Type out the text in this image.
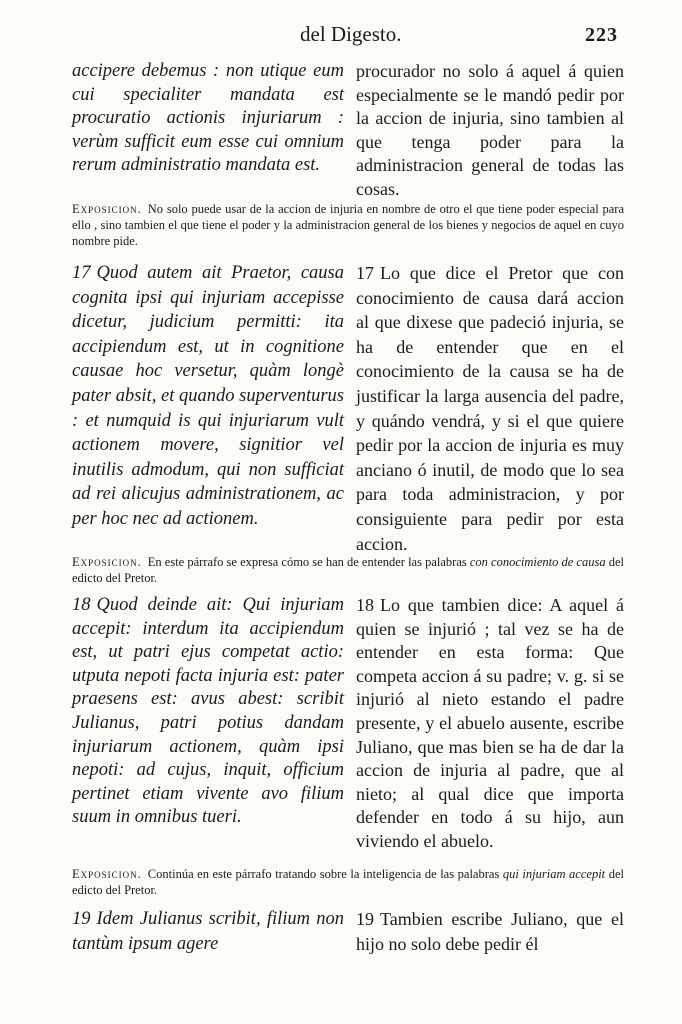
del Digesto.	223
accipere debemus : non utique eum cui specialiter mandata est procuratio actionis injuriarum : verùm sufficit eum esse cui omnium rerum administratio mandata est.
procurador no solo á aquel á quien especialmente se le mandó pedir por la accion de injuria, sino tambien al que tenga poder para la administracion general de todas las cosas.
Exposicion. No solo puede usar de la accion de injuria en nombre de otro el que tiene poder especial para ello , sino tambien el que tiene el poder y la administracion general de los bienes y negocios de aquel en cuyo nombre pide.
17 Quod autem ait Praetor, causa cognita ipsi qui injuriam accepisse dicetur, judicium permitti: ita accipiendum est, ut in cognitione causae hoc versetur, quàm longè pater absit, et quando superventurus : et numquid is qui injuriarum vult actionem movere, signitior vel inutilis admodum, qui non sufficiat ad rei alicujus administrationem, ac per hoc nec ad actionem.
17 Lo que dice el Pretor que con conocimiento de causa dará accion al que dixese que padeció injuria, se ha de entender que en el conocimiento de la causa se ha de justificar la larga ausencia del padre, y quándo vendrá, y si el que quiere pedir por la accion de injuria es muy anciano ó inutil, de modo que lo sea para toda administracion, y por consiguiente para pedir por esta accion.
Exposicion. En este párrafo se expresa cómo se han de entender las palabras con conocimiento de causa del edicto del Pretor.
18 Quod deinde ait: Qui injuriam accepit: interdum ita accipiendum est, ut patri ejus competat actio: utputa nepoti facta injuria est: pater praesens est: avus abest: scribit Julianus, patri potius dandam injuriarum actionem, quàm ipsi nepoti: ad cujus, inquit, officium pertinet etiam vivente avo filium suum in omnibus tueri.
18 Lo que tambien dice: A aquel á quien se injurió ; tal vez se ha de entender en esta forma: Que competa accion á su padre; v. g. si se injurió al nieto estando el padre presente, y el abuelo ausente, escribe Juliano, que mas bien se ha de dar la accion de injuria al padre, que al nieto; al qual dice que importa defender en todo á su hijo, aun viviendo el abuelo.
Exposicion. Continúa en este párrafo tratando sobre la inteligencia de las palabras qui injuriam accepit del edicto del Pretor.
19 Idem Julianus scribit, filium non tantùm ipsum agere
19 Tambien escribe Juliano, que el hijo no solo debe pedir él
